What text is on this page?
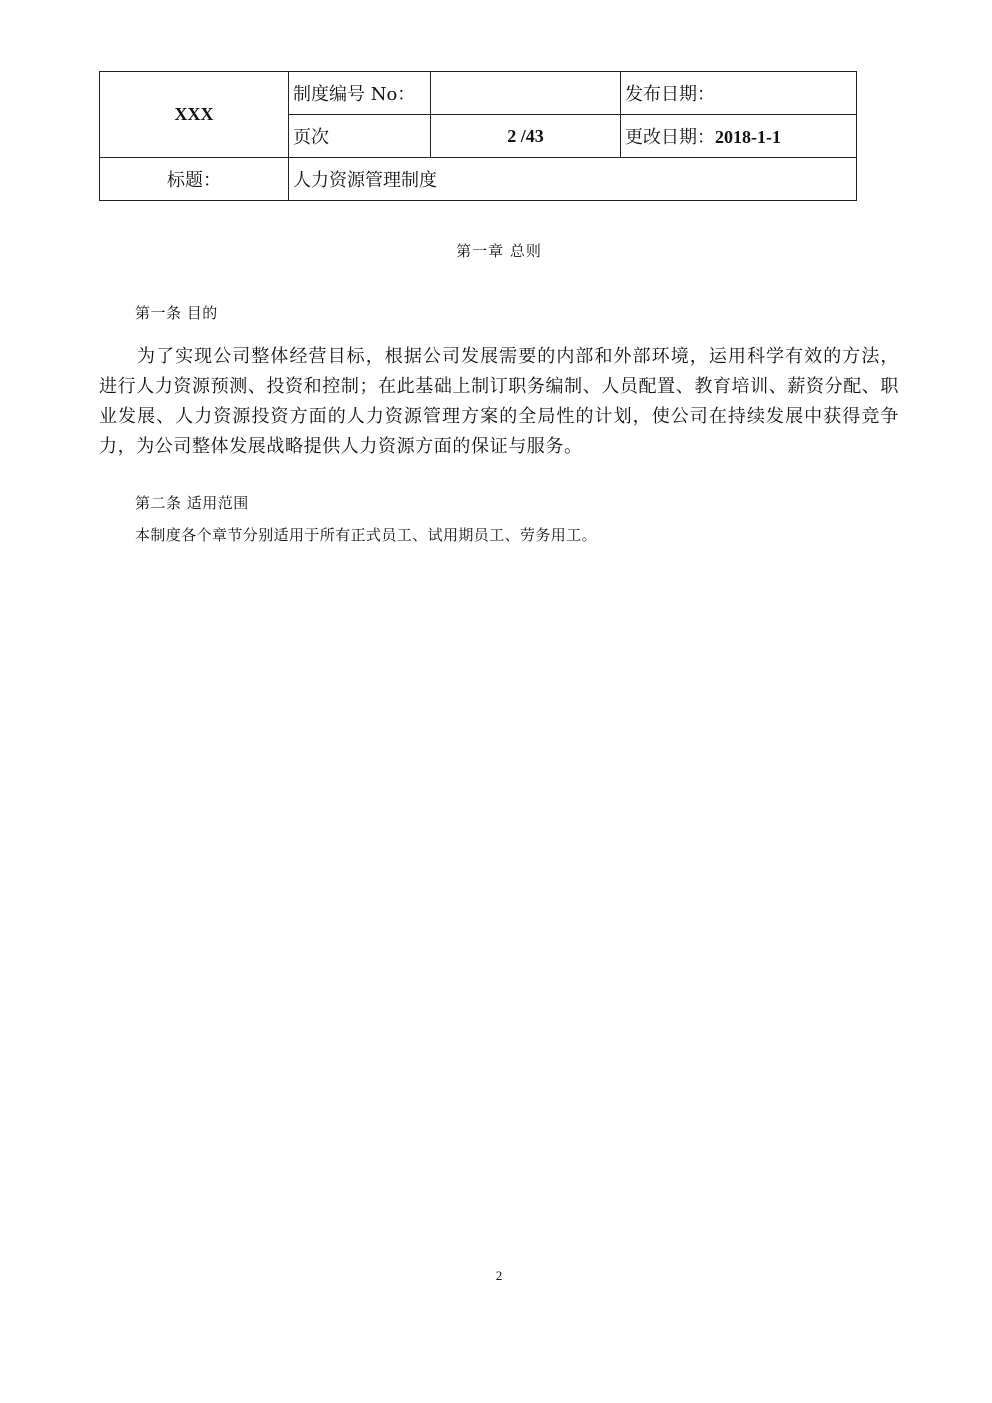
XXX	制度编号 No：		发布日期：
	页次	2 /43	更改日期：2018-1-1
标题：	人力资源管理制度		
第一章 总则
第一条 目的
为了实现公司整体经营目标，根据公司发展需要的内部和外部环境，运用科学有效的方法，进行人力资源预测、投资和控制；在此基础上制订职务编制、人员配置、教育培训、薪资分配、职业发展、人力资源投资方面的人力资源管理方案的全局性的计划，使公司在持续发展中获得竞争力，为公司整体发展战略提供人力资源方面的保证与服务。
第二条 适用范围
本制度各个章节分别适用于所有正式员工、试用期员工、劳务用工。
2
